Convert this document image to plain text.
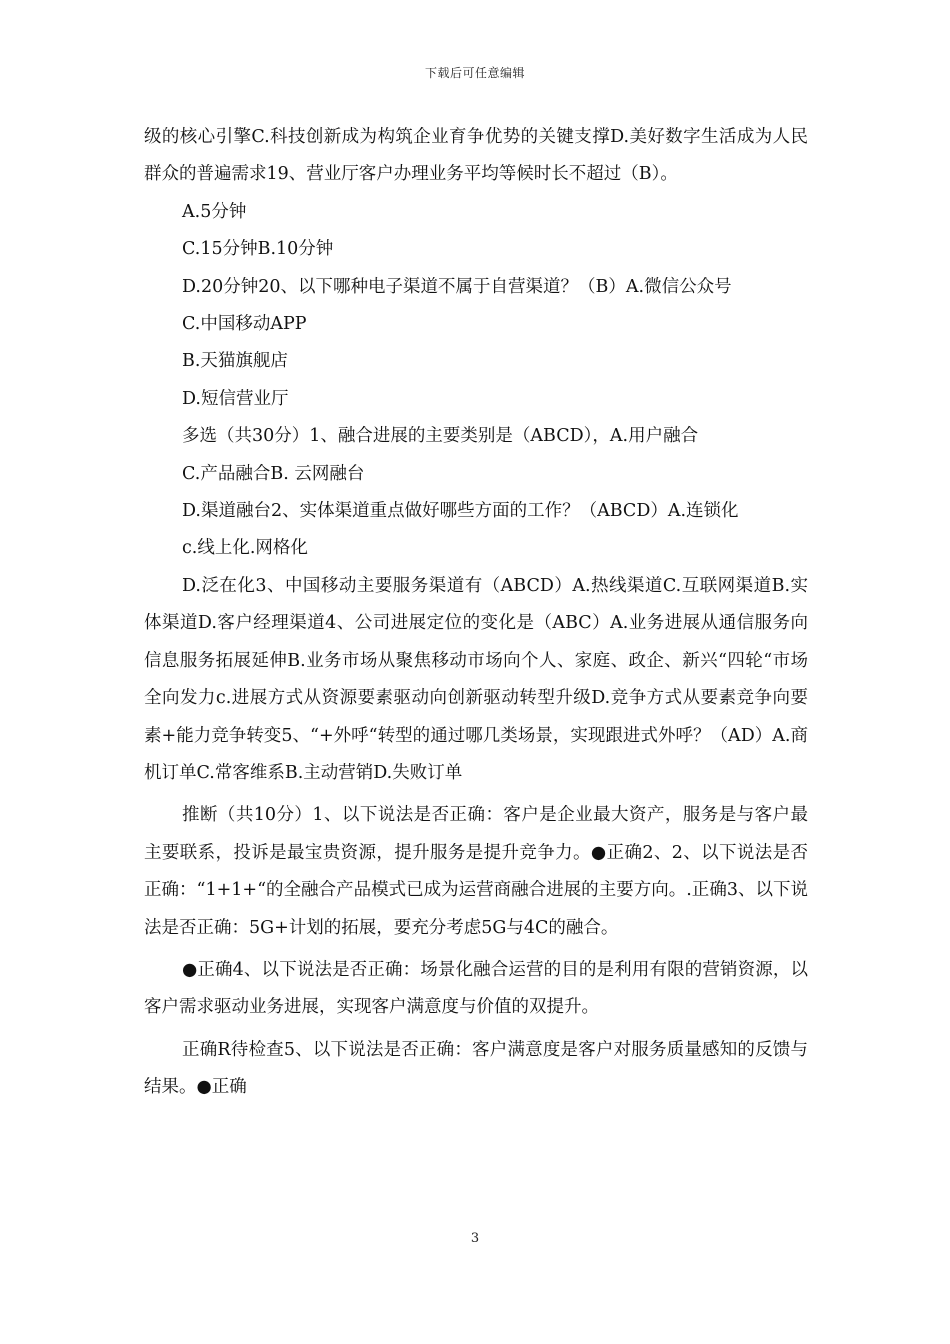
下载后可任意编辑

级的核心引擎C.科技创新成为构筑企业育争优势的关键支撑D.美好数字生活成为人民群众的普遍需求19、营业厅客户办理业务平均等候时长不超过（B）。

A.5分钟

C.15分钟B.10分钟

D.20分钟20、以下哪种电子渠道不属于自营渠道？（B）A.微信公众号

C.中国移动APP

B.天猫旗舰店

D.短信营业厅

多选（共30分）1、融合进展的主要类别是（ABCD），A.用户融合

C.产品融合B. 云网融台

D.渠道融台2、实体渠道重点做好哪些方面的工作？（ABCD）A.连锁化

c.线上化.网格化

D.泛在化3、中国移动主要服务渠道有（ABCD）A.热线渠道C.互联网渠道B.实体渠道D.客户经理渠道4、公司进展定位的变化是（ABC）A.业务进展从通信服务向信息服务拓展延伸B.业务市场从聚焦移动市场向个人、家庭、政企、新兴“四轮“市场全向发力c.进展方式从资源要素驱动向创新驱动转型升级D.竞争方式从要素竞争向要素+能力竞争转变5、“+外呼“转型的通过哪几类场景，实现跟进式外呼？（AD）A.商机订单C.常客维系B.主动营销D.失败订单

推断（共10分）1、以下说法是否正确：客户是企业最大资产，服务是与客户最主要联系，投诉是最宝贵资源，提升服务是提升竞争力。●正确2、2、以下说法是否正确：“1+1+“的全融合产品模式已成为运营商融合进展的主要方向。.正确3、以下说法是否正确：5G+计划的拓展，要充分考虑5G与4C的融合。

●正确4、以下说法是否正确：场景化融合运营的目的是利用有限的营销资源，以客户需求驱动业务进展，实现客户满意度与价值的双提升。

正确R待检查5、以下说法是否正确：客户满意度是客户对服务质量感知的反馈与结果。●正确

3
